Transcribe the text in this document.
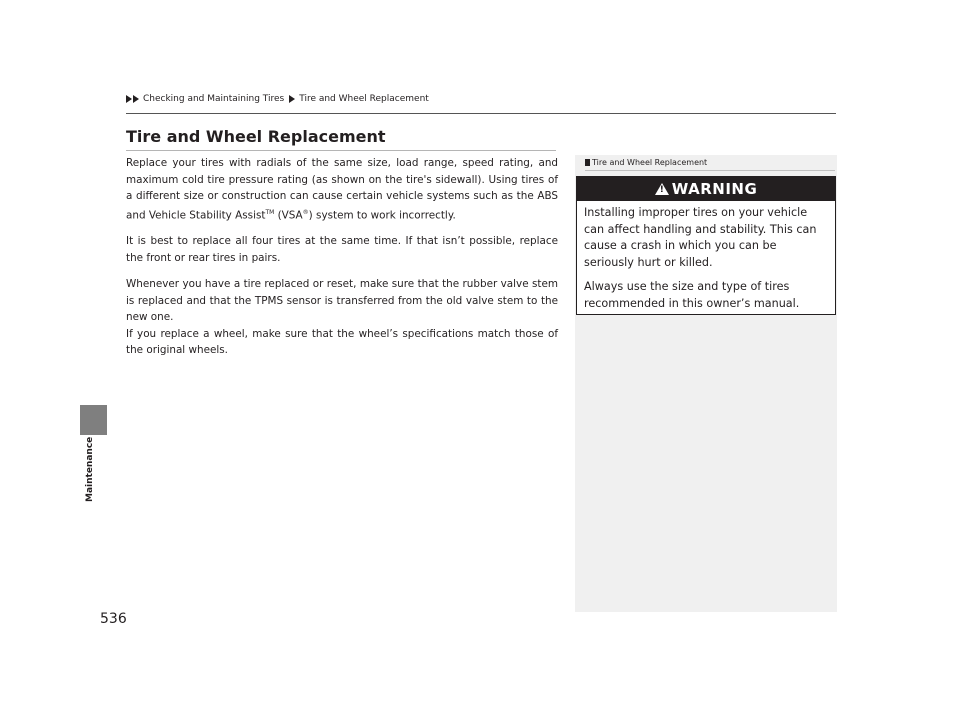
Checking and Maintaining Tires Tire and Wheel Replacement
Maintenance
536
Tire and Wheel Replacement

Replace your tires with radials of the same size, load range, speed rating, and maximum cold tire pressure rating (as shown on the tire's sidewall). Using tires of a different size or construction can cause certain vehicle systems such as the ABS and Vehicle Stability Assist™ (VSA®) system to work incorrectly.

It is best to replace all four tires at the same time. If that isn’t possible, replace the front or rear tires in pairs.

Whenever you have a tire replaced or reset, make sure that the rubber valve stem is replaced and that the TPMS sensor is transferred from the old valve stem to the new one.

If you replace a wheel, make sure that the wheel’s specifications match those of the original wheels.

Tire and Wheel Replacement
!
WARNING

Installing improper tires on your vehicle can affect handling and stability. This can cause a crash in which you can be seriously hurt or killed.

Always use the size and type of tires recommended in this owner’s manual.
